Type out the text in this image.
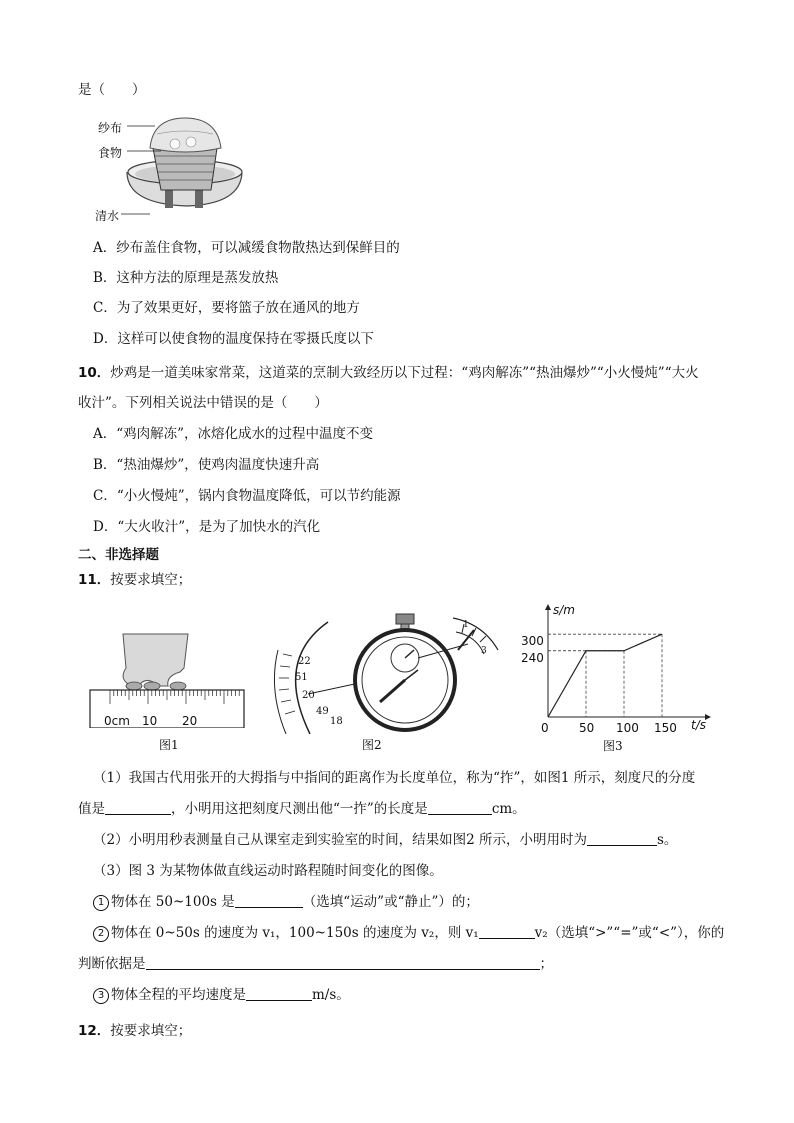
是（　　）
纱布
食物
清水
A．纱布盖住食物，可以减缓食物散热达到保鲜目的
B．这种方法的原理是蒸发放热
C．为了效果更好，要将篮子放在通风的地方
D．这样可以使食物的温度保持在零摄氏度以下
10．炒鸡是一道美味家常菜，这道菜的烹制大致经历以下过程：“鸡肉解冻”“热油爆炒”“小火慢炖”“大火
收汁”。下列相关说法中错误的是（　　）
A．“鸡肉解冻”，冰熔化成水的过程中温度不变
B．“热油爆炒”，使鸡肉温度快速升高
C．“小火慢炖”，锅内食物温度降低，可以节约能源
D．“大火收汁”，是为了加快水的汽化
二、非选择题
11．按要求填空；
0cm 10 20
图1
22
51
20
49
18
1
3
图2
s/m
t/s
300
240
0	50 100 150
图3
（1）我国古代用张开的大拇指与中指间的距离作为长度单位，称为“拃”，如图1 所示，刻度尺的分度
值是	，小明用这把刻度尺测出他“一拃”的长度是	cm。
（2）小明用秒表测量自己从课室走到实验室的时间，结果如图2 所示，小明用时为	s。
（3）图 3 为某物体做直线运动时路程随时间变化的图像。
1 物体在 50~100s 是	（选填“运动”或“静止”）的；
2 物体在 0~50s 的速度为 v₁，100~150s 的速度为 v₂，则 v₁	v₂（选填“>”“=”或“<”），你的
判断依据是	；
3 物体全程的平均速度是	m/s。
12．按要求填空；
